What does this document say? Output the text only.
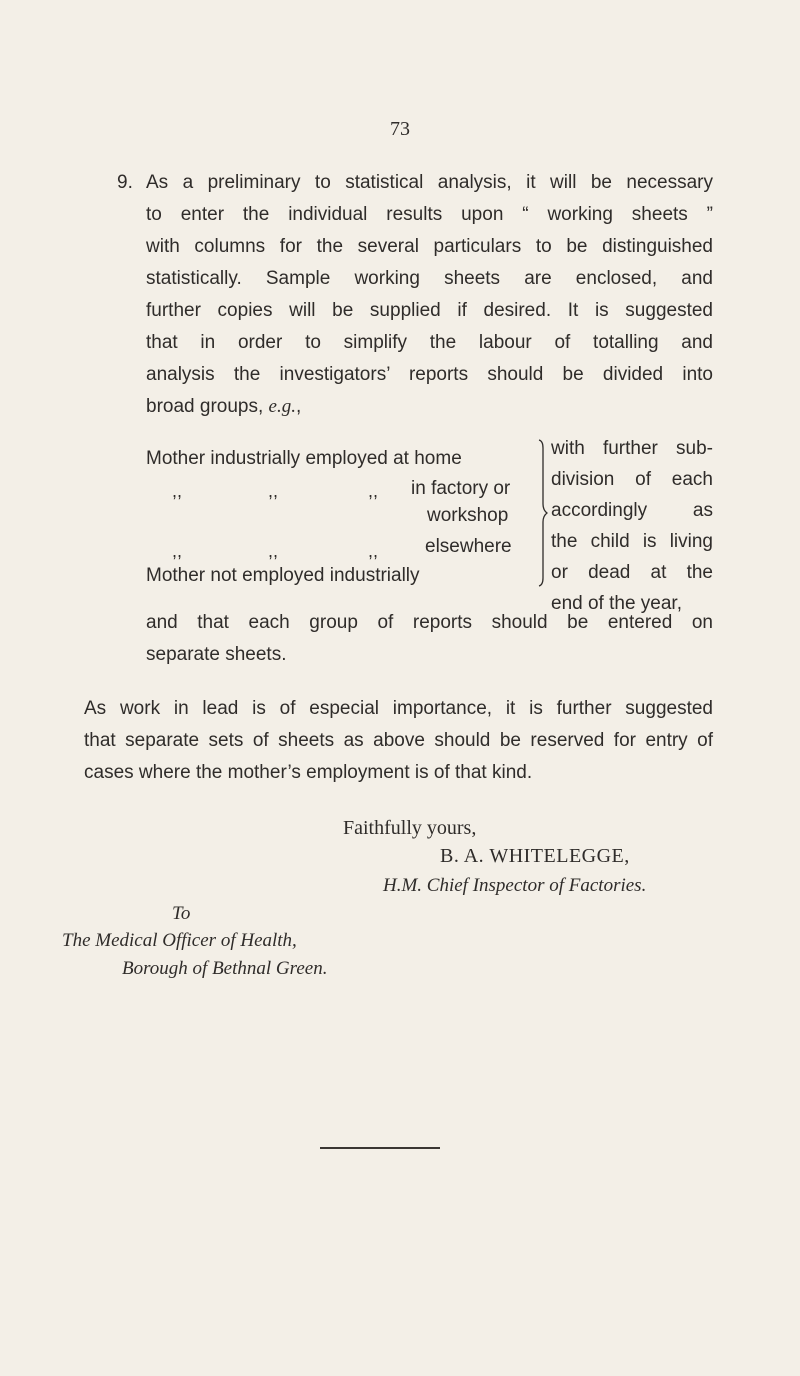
73
9. As a preliminary to statistical analysis, it will be necessary
to enter the individual results upon “ working sheets ”
with columns for the several particulars to be distinguished
statistically. Sample working sheets are enclosed, and
further copies will be supplied if desired. It is suggested
that in order to simplify the labour of totalling and
analysis the investigators’ reports should be divided into
broad groups, e.g.,
Mother industrially employed at home
,,	,,	,, in factory or
workshop
,,	,,	,, elsewhere
Mother not employed industrially
with further sub-
division of each
accordingly as
the child is living
or dead at the
end of the year,
and that each group of reports should be entered on
separate sheets.
As work in lead is of especial importance, it is further suggested
that separate sets of sheets as above should be reserved for entry of
cases where the mother’s employment is of that kind.
Faithfully yours,
B. A. WHITELEGGE,
H.M. Chief Inspector of Factories.
To
The Medical Officer of Health,
Borough of Bethnal Green.
